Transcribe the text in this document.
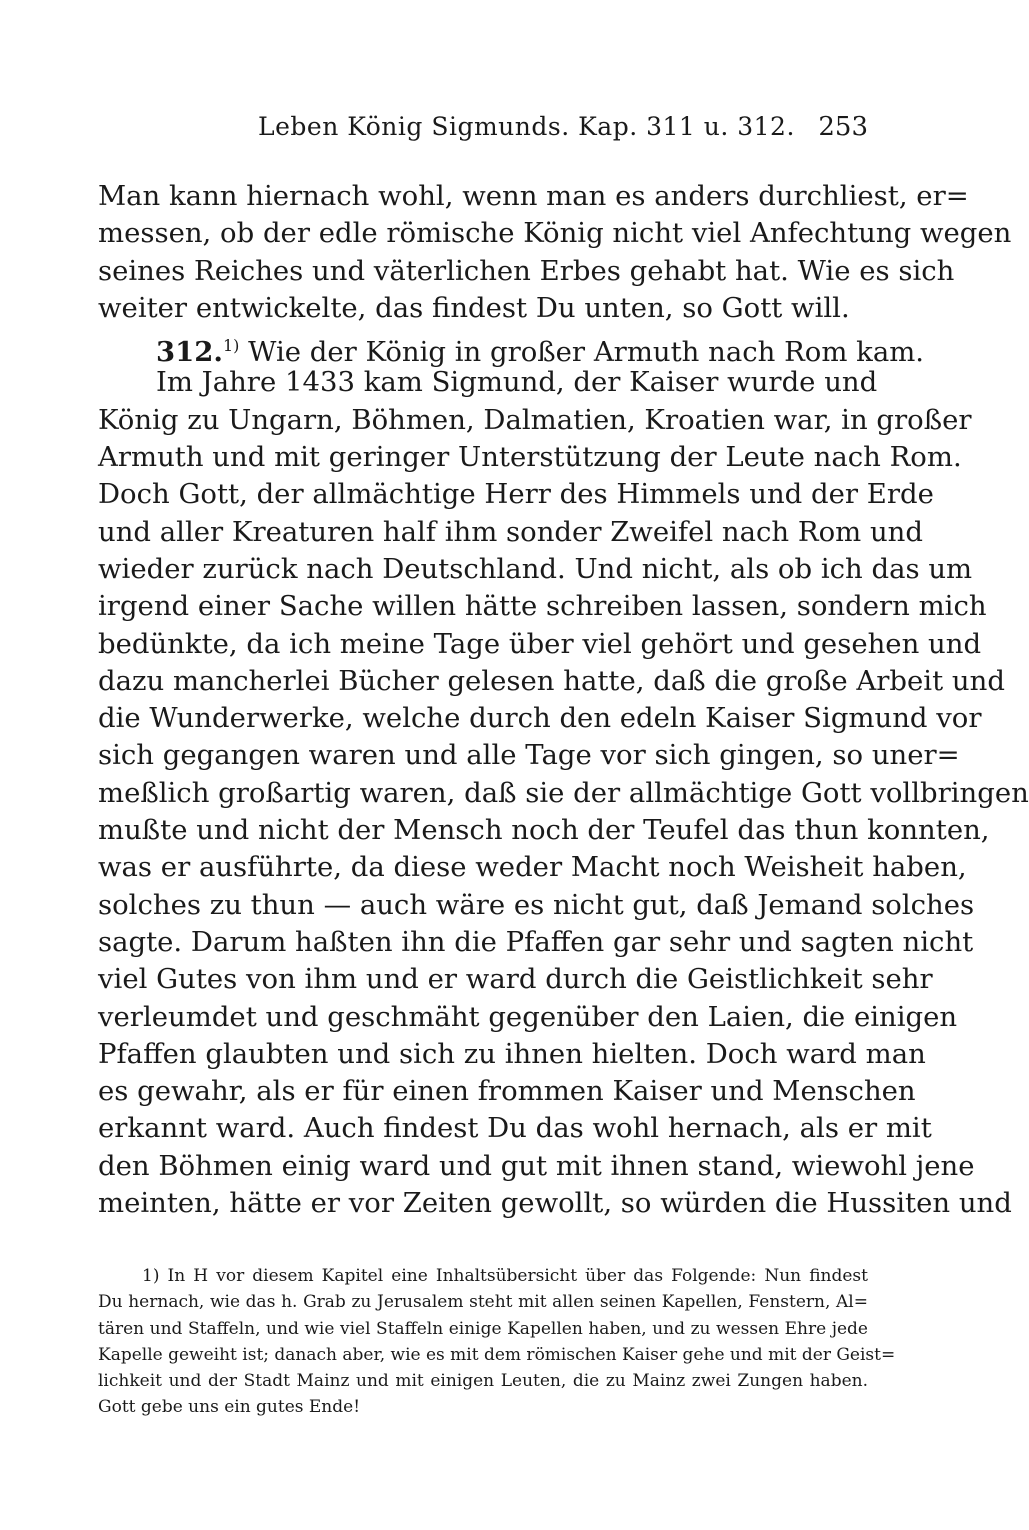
Leben König Sigmunds. Kap. 311 u. 312. 253
Man kann hiernach wohl, wenn man es anders durchliest, er=
messen, ob der edle römische König nicht viel Anfechtung wegen
seines Reiches und väterlichen Erbes gehabt hat. Wie es sich
weiter entwickelte, das findest Du unten, so Gott will.
312.$^{1)}$ Wie der König in großer Armuth nach Rom kam.
Im Jahre 1433 kam Sigmund, der Kaiser wurde und
König zu Ungarn, Böhmen, Dalmatien, Kroatien war, in großer
Armuth und mit geringer Unterstützung der Leute nach Rom.
Doch Gott, der allmächtige Herr des Himmels und der Erde
und aller Kreaturen half ihm sonder Zweifel nach Rom und
wieder zurück nach Deutschland. Und nicht, als ob ich das um
irgend einer Sache willen hätte schreiben lassen, sondern mich
bedünkte, da ich meine Tage über viel gehört und gesehen und
dazu mancherlei Bücher gelesen hatte, daß die große Arbeit und
die Wunderwerke, welche durch den edeln Kaiser Sigmund vor
sich gegangen waren und alle Tage vor sich gingen, so uner=
meßlich großartig waren, daß sie der allmächtige Gott vollbringen
mußte und nicht der Mensch noch der Teufel das thun konnten,
was er ausführte, da diese weder Macht noch Weisheit haben,
solches zu thun — auch wäre es nicht gut, daß Jemand solches
sagte. Darum haßten ihn die Pfaffen gar sehr und sagten nicht
viel Gutes von ihm und er ward durch die Geistlichkeit sehr
verleumdet und geschmäht gegenüber den Laien, die einigen
Pfaffen glaubten und sich zu ihnen hielten. Doch ward man
es gewahr, als er für einen frommen Kaiser und Menschen
erkannt ward. Auch findest Du das wohl hernach, als er mit
den Böhmen einig ward und gut mit ihnen stand, wiewohl jene
meinten, hätte er vor Zeiten gewollt, so würden die Hussiten und
1) In H vor diesem Kapitel eine Inhaltsübersicht über das Folgende: Nun findest
Du hernach, wie das h. Grab zu Jerusalem steht mit allen seinen Kapellen, Fenstern, Al=
tären und Staffeln, und wie viel Staffeln einige Kapellen haben, und zu wessen Ehre jede
Kapelle geweiht ist; danach aber, wie es mit dem römischen Kaiser gehe und mit der Geist=
lichkeit und der Stadt Mainz und mit einigen Leuten, die zu Mainz zwei Zungen haben.
Gott gebe uns ein gutes Ende!
